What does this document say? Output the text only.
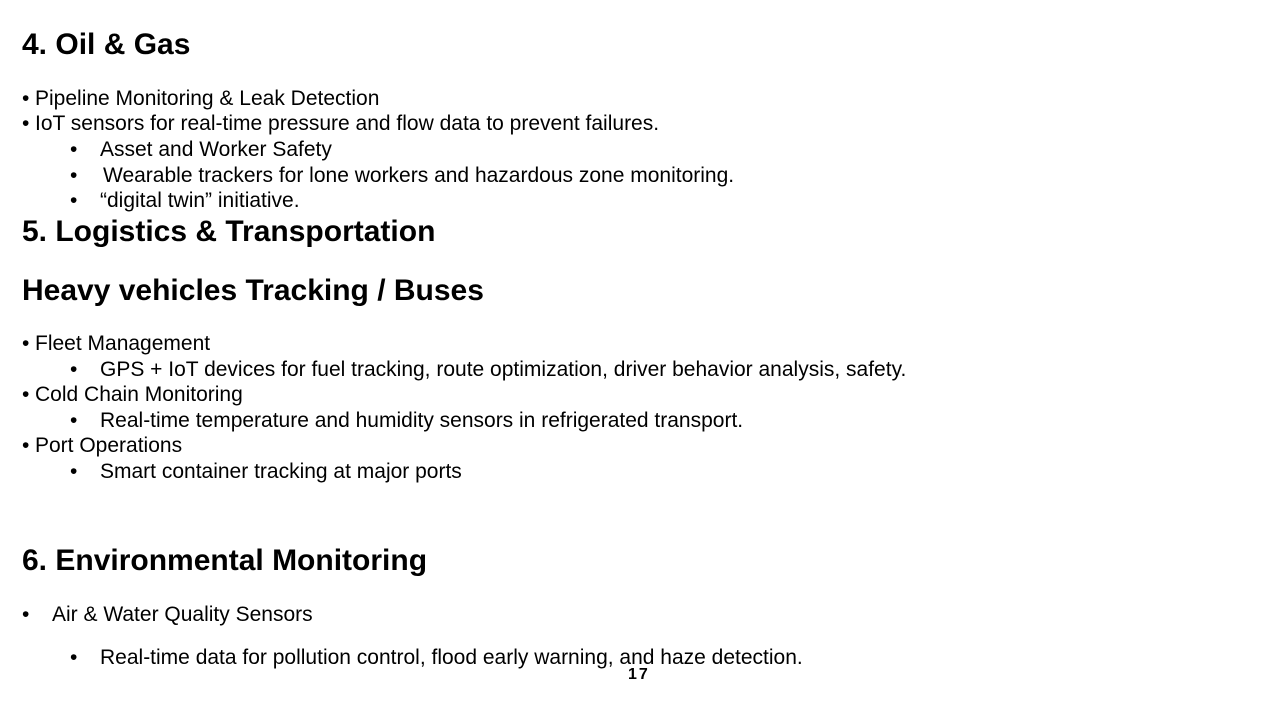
4. Oil & Gas
• Pipeline Monitoring & Leak Detection
• IoT sensors for real-time pressure and flow data to prevent failures.
• Asset and Worker Safety
• Wearable trackers for lone workers and hazardous zone monitoring.
• “digital twin” initiative.
5. Logistics & Transportation
Heavy vehicles Tracking / Buses
• Fleet Management
• GPS + IoT devices for fuel tracking, route optimization, driver behavior analysis, safety.
• Cold Chain Monitoring
• Real-time temperature and humidity sensors in refrigerated transport.
• Port Operations
• Smart container tracking at major ports
6. Environmental Monitoring
• Air & Water Quality Sensors
• Real-time data for pollution control, flood early warning, and haze detection.
17
